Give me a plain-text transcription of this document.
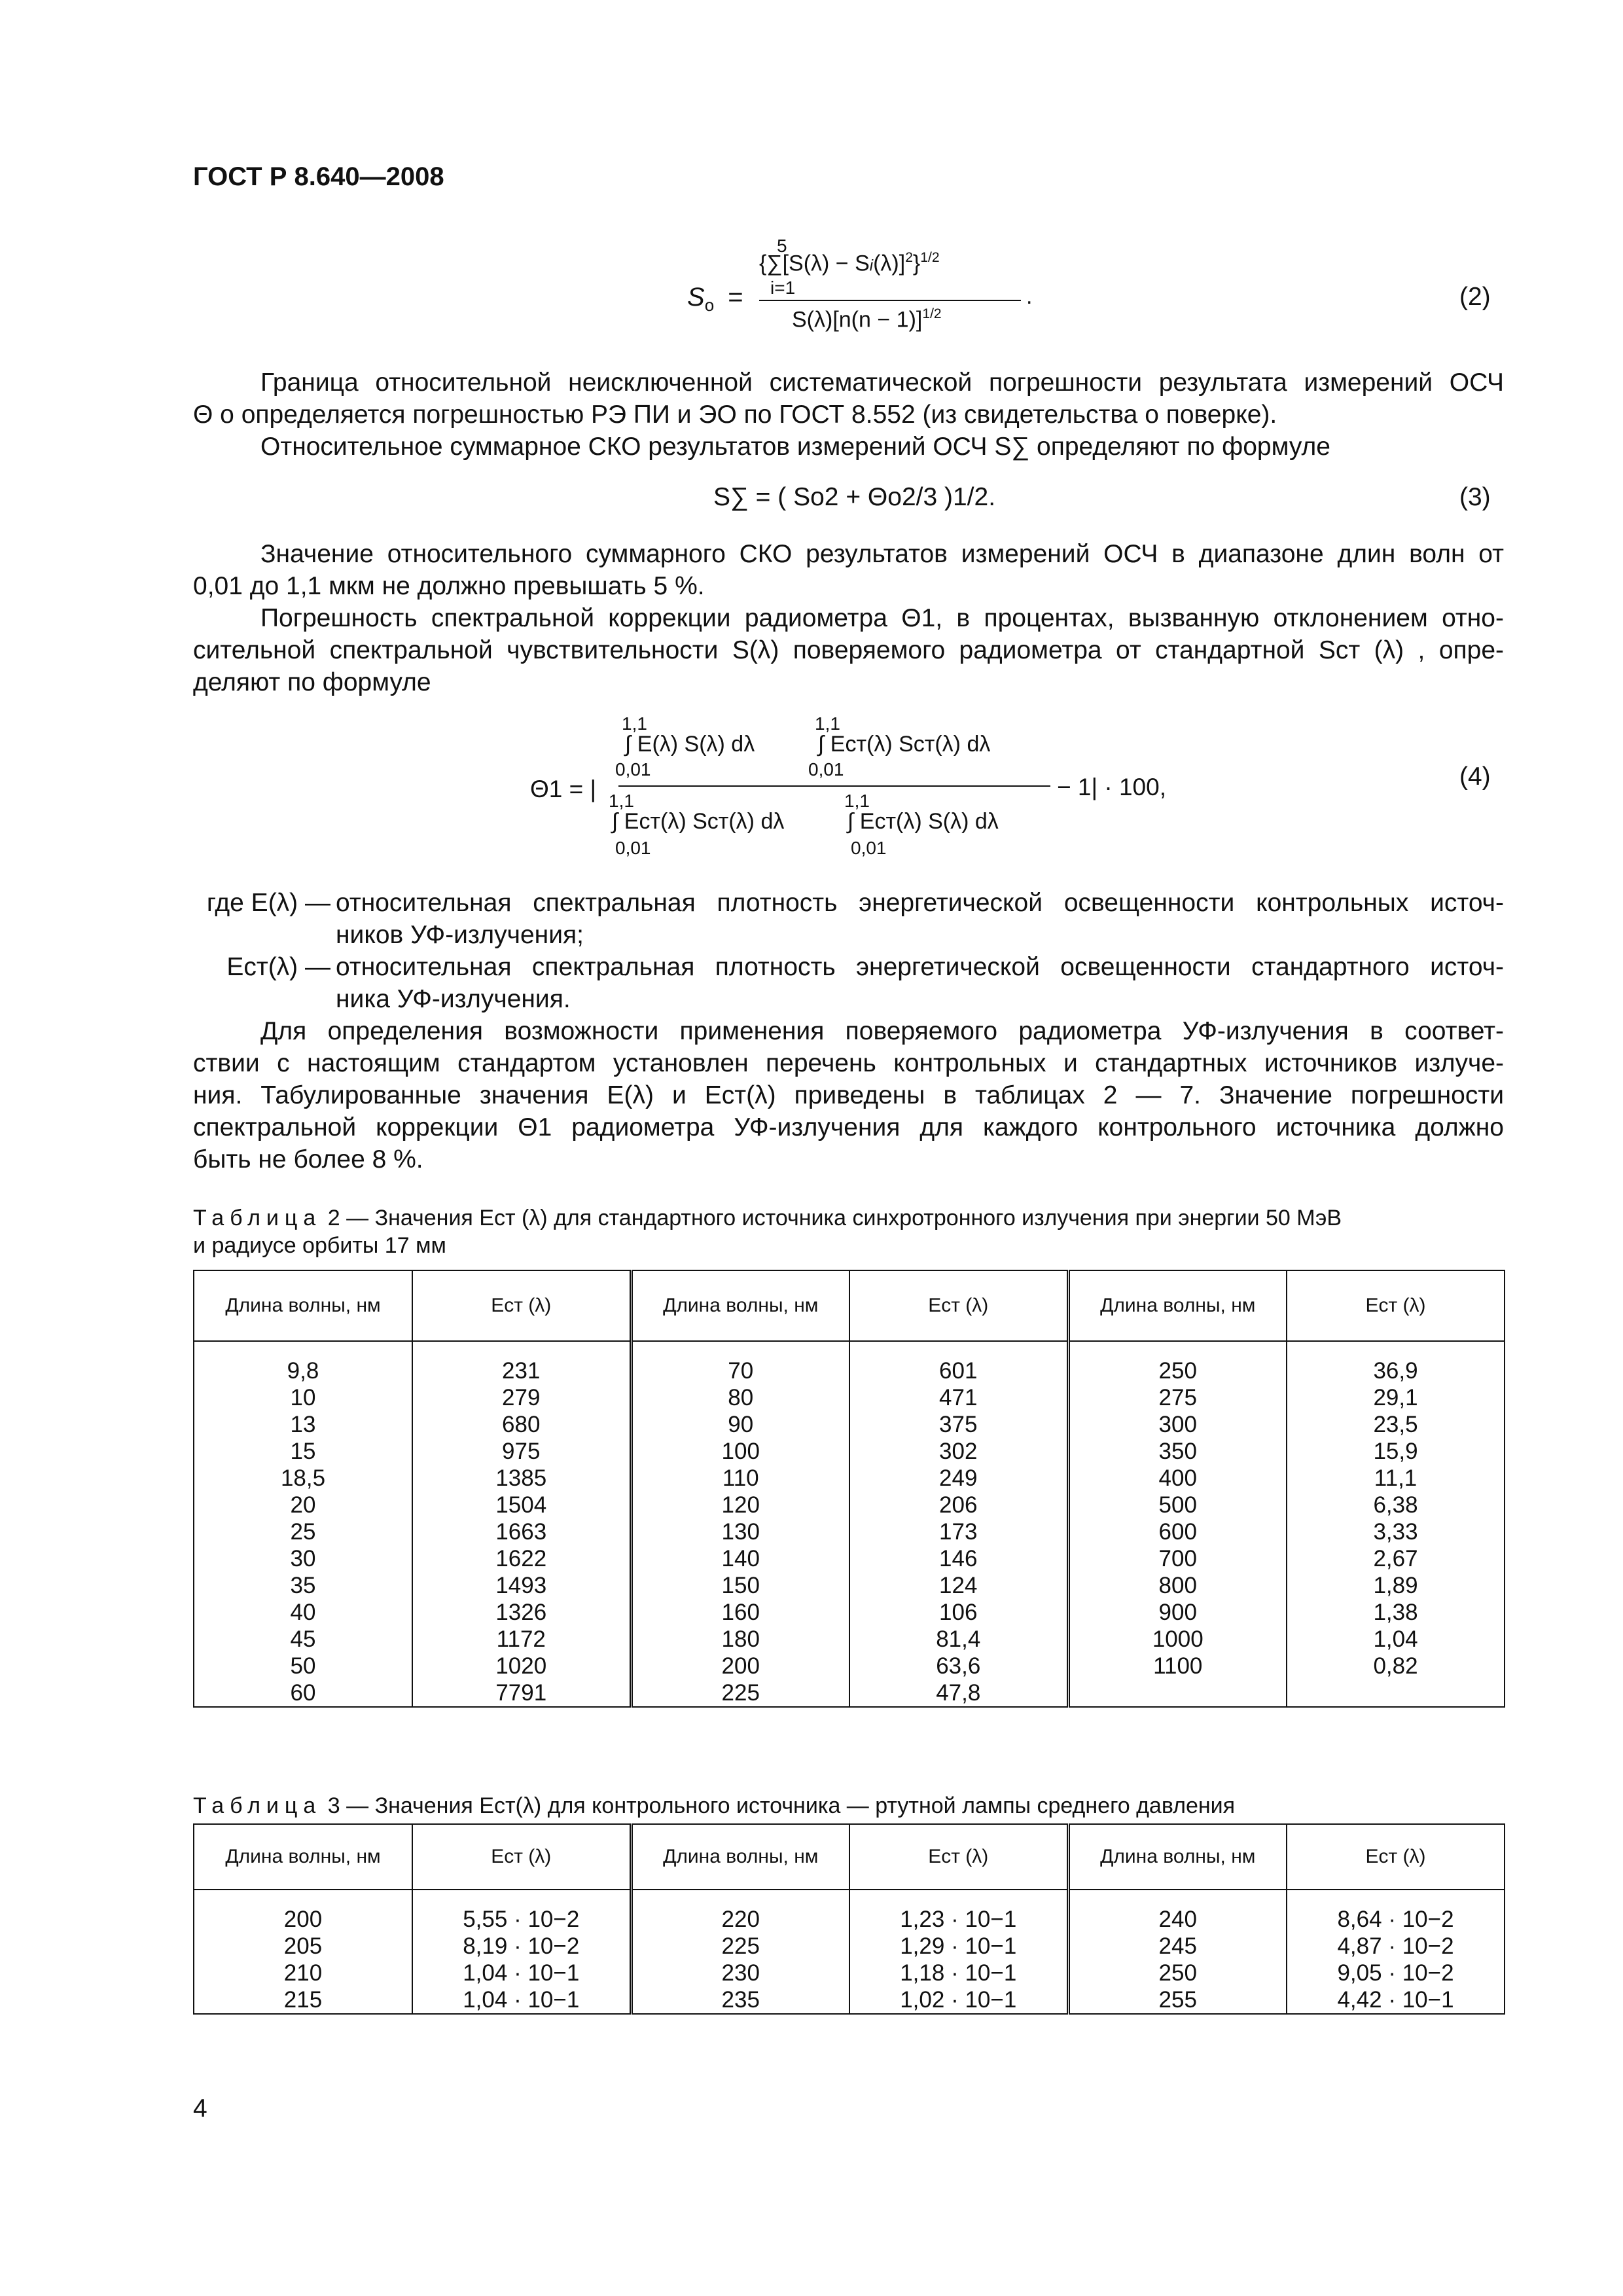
ГОСТ Р 8.640—2008
$S_о$ =
5
$\{\sum[S(\lambda) - Si(\lambda)]^2\}^{1/2}$
i=1	.
$S(\lambda)[n(n - 1)]^{1/2}$
(2)
Граница относительной неисключенной систематической погрешности результата измерений ОСЧ
Θ о определяется погрешностью РЭ ПИ и ЭО по ГОСТ 8.552 (из свидетельства о поверке).
Относительное суммарное СКО результатов измерений ОСЧ S∑ определяют по формуле
S∑ = ( Sо2 + Θо2/3 )1/2.	(3)
Значение относительного суммарного СКО результатов измерений ОСЧ в диапазоне длин волн от
0,01 до 1,1 мкм не должно превышать 5 %.
Погрешность спектральной коррекции радиометра Θ1, в процентах, вызванную отклонением отно-
сительной спектральной чувствительности S(λ) поверяемого радиометра от стандартной Sст (λ) , опре-
деляют по формуле
Θ1 = |
1,1	1,1
∫ E(λ) S(λ) dλ	∫ Eст(λ) Sст(λ) dλ
0,01	0,01
− 1| · 100,
1,1	1,1
∫ Eст(λ) Sст(λ) dλ	∫ Eст(λ) S(λ) dλ
0,01	0,01
(4)
где E(λ) — относительная спектральная плотность энергетической освещенности контрольных источ-
ников УФ-излучения;
Eст(λ) — относительная спектральная плотность энергетической освещенности стандартного источ-
ника УФ-излучения.
Для определения возможности применения поверяемого радиометра УФ-излучения в соответ-
ствии с настоящим стандартом установлен перечень контрольных и стандартных источников излуче-
ния. Табулированные значения E(λ) и Eст(λ) приведены в таблицах 2 — 7. Значение погрешности
спектральной коррекции Θ1 радиометра УФ-излучения для каждого контрольного источника должно
быть не более 8 %.
Таблица 2 — Значения Eст (λ) для стандартного источника синхротронного излучения при энергии 50 МэВ
и радиусе орбиты 17 мм
Длина волны, нм	Eст (λ)	Длина волны, нм	Eст (λ)	Длина волны, нм	Eст (λ)
9,8	231	70	601	250	36,9
10	279	80	471	275	29,1
13	680	90	375	300	23,5
15	975	100	302	350	15,9
18,5	1385	110	249	400	11,1
20	1504	120	206	500	6,38
25	1663	130	173	600	3,33
30	1622	140	146	700	2,67
35	1493	150	124	800	1,89
40	1326	160	106	900	1,38
45	1172	180	81,4	1000	1,04
50	1020	200	63,6	1100	0,82
60	7791	225	47,8		
Таблица 3 — Значения Eст(λ) для контрольного источника — ртутной лампы среднего давления
Длина волны, нм	Eст (λ)	Длина волны, нм	Eст (λ)	Длина волны, нм	Eст (λ)
200	5,55 · 10−2	220	1,23 · 10−1	240	8,64 · 10−2
205	8,19 · 10−2	225	1,29 · 10−1	245	4,87 · 10−2
210	1,04 · 10−1	230	1,18 · 10−1	250	9,05 · 10−2
215	1,04 · 10−1	235	1,02 · 10−1	255	4,42 · 10−1
4
